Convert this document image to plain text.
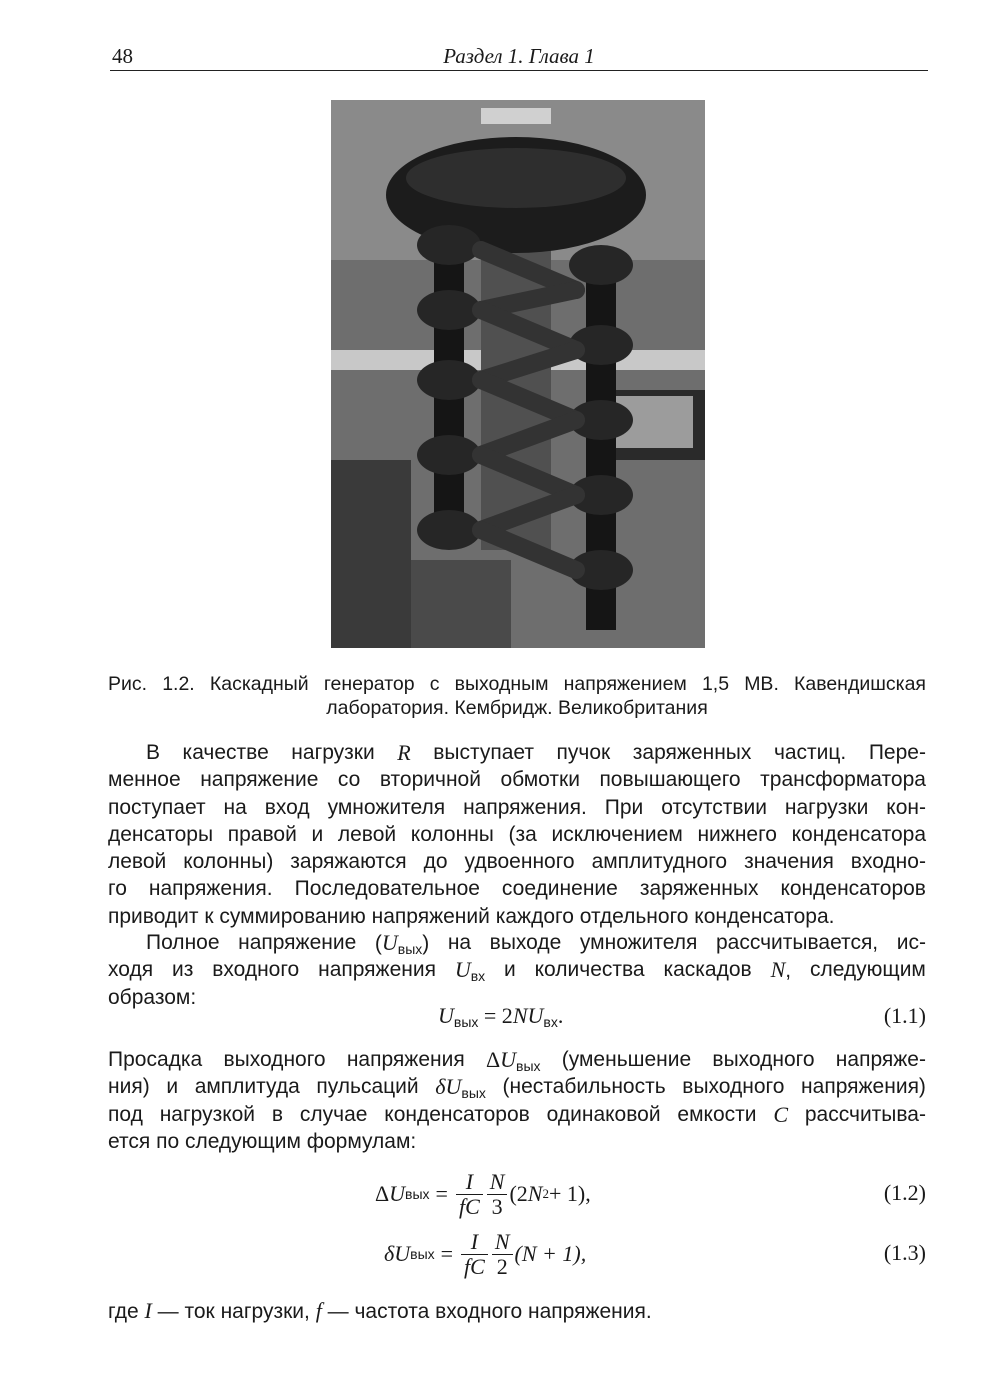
48	Раздел 1. Глава 1
Рис. 1.2. Каскадный генератор с выходным напряжением 1,5 МВ. Кавендишская
лаборатория. Кембридж. Великобритания
В качестве нагрузки R выступает пучок заряженных частиц. Пере-
менное напряжение со вторичной обмотки повышающего трансформатора
поступает на вход умножителя напряжения. При отсутствии нагрузки кон-
денсаторы правой и левой колонны (за исключением нижнего конденсатора
левой колонны) заряжаются до удвоенного амплитудного значения входно-
го напряжения. Последовательное соединение заряженных конденсаторов
приводит к суммированию напряжений каждого отдельного конденсатора.
Полное напряжение (Uвых) на выходе умножителя рассчитывается, ис-
ходя из входного напряжения Uвх и количества каскадов N, следующим
образом:
$U_{вых} = 2NU_{вх}$.	(1.1)
Просадка выходного напряжения ΔUвых (уменьшение выходного напряже-
ния) и амплитуда пульсаций δUвых (нестабильность выходного напряжения)
под нагрузкой в случае конденсаторов одинаковой емкости C рассчитыва-
ется по следующим формулам:
Δ U вых = $\frac{I}{fC} \frac{N}{3} (2$ N 2 + 1),	(1.2)
δ U вых = $\frac{I}{fC} \frac{N}{2} (N + 1)$,	(1.3)
где I — ток нагрузки, f — частота входного напряжения.
